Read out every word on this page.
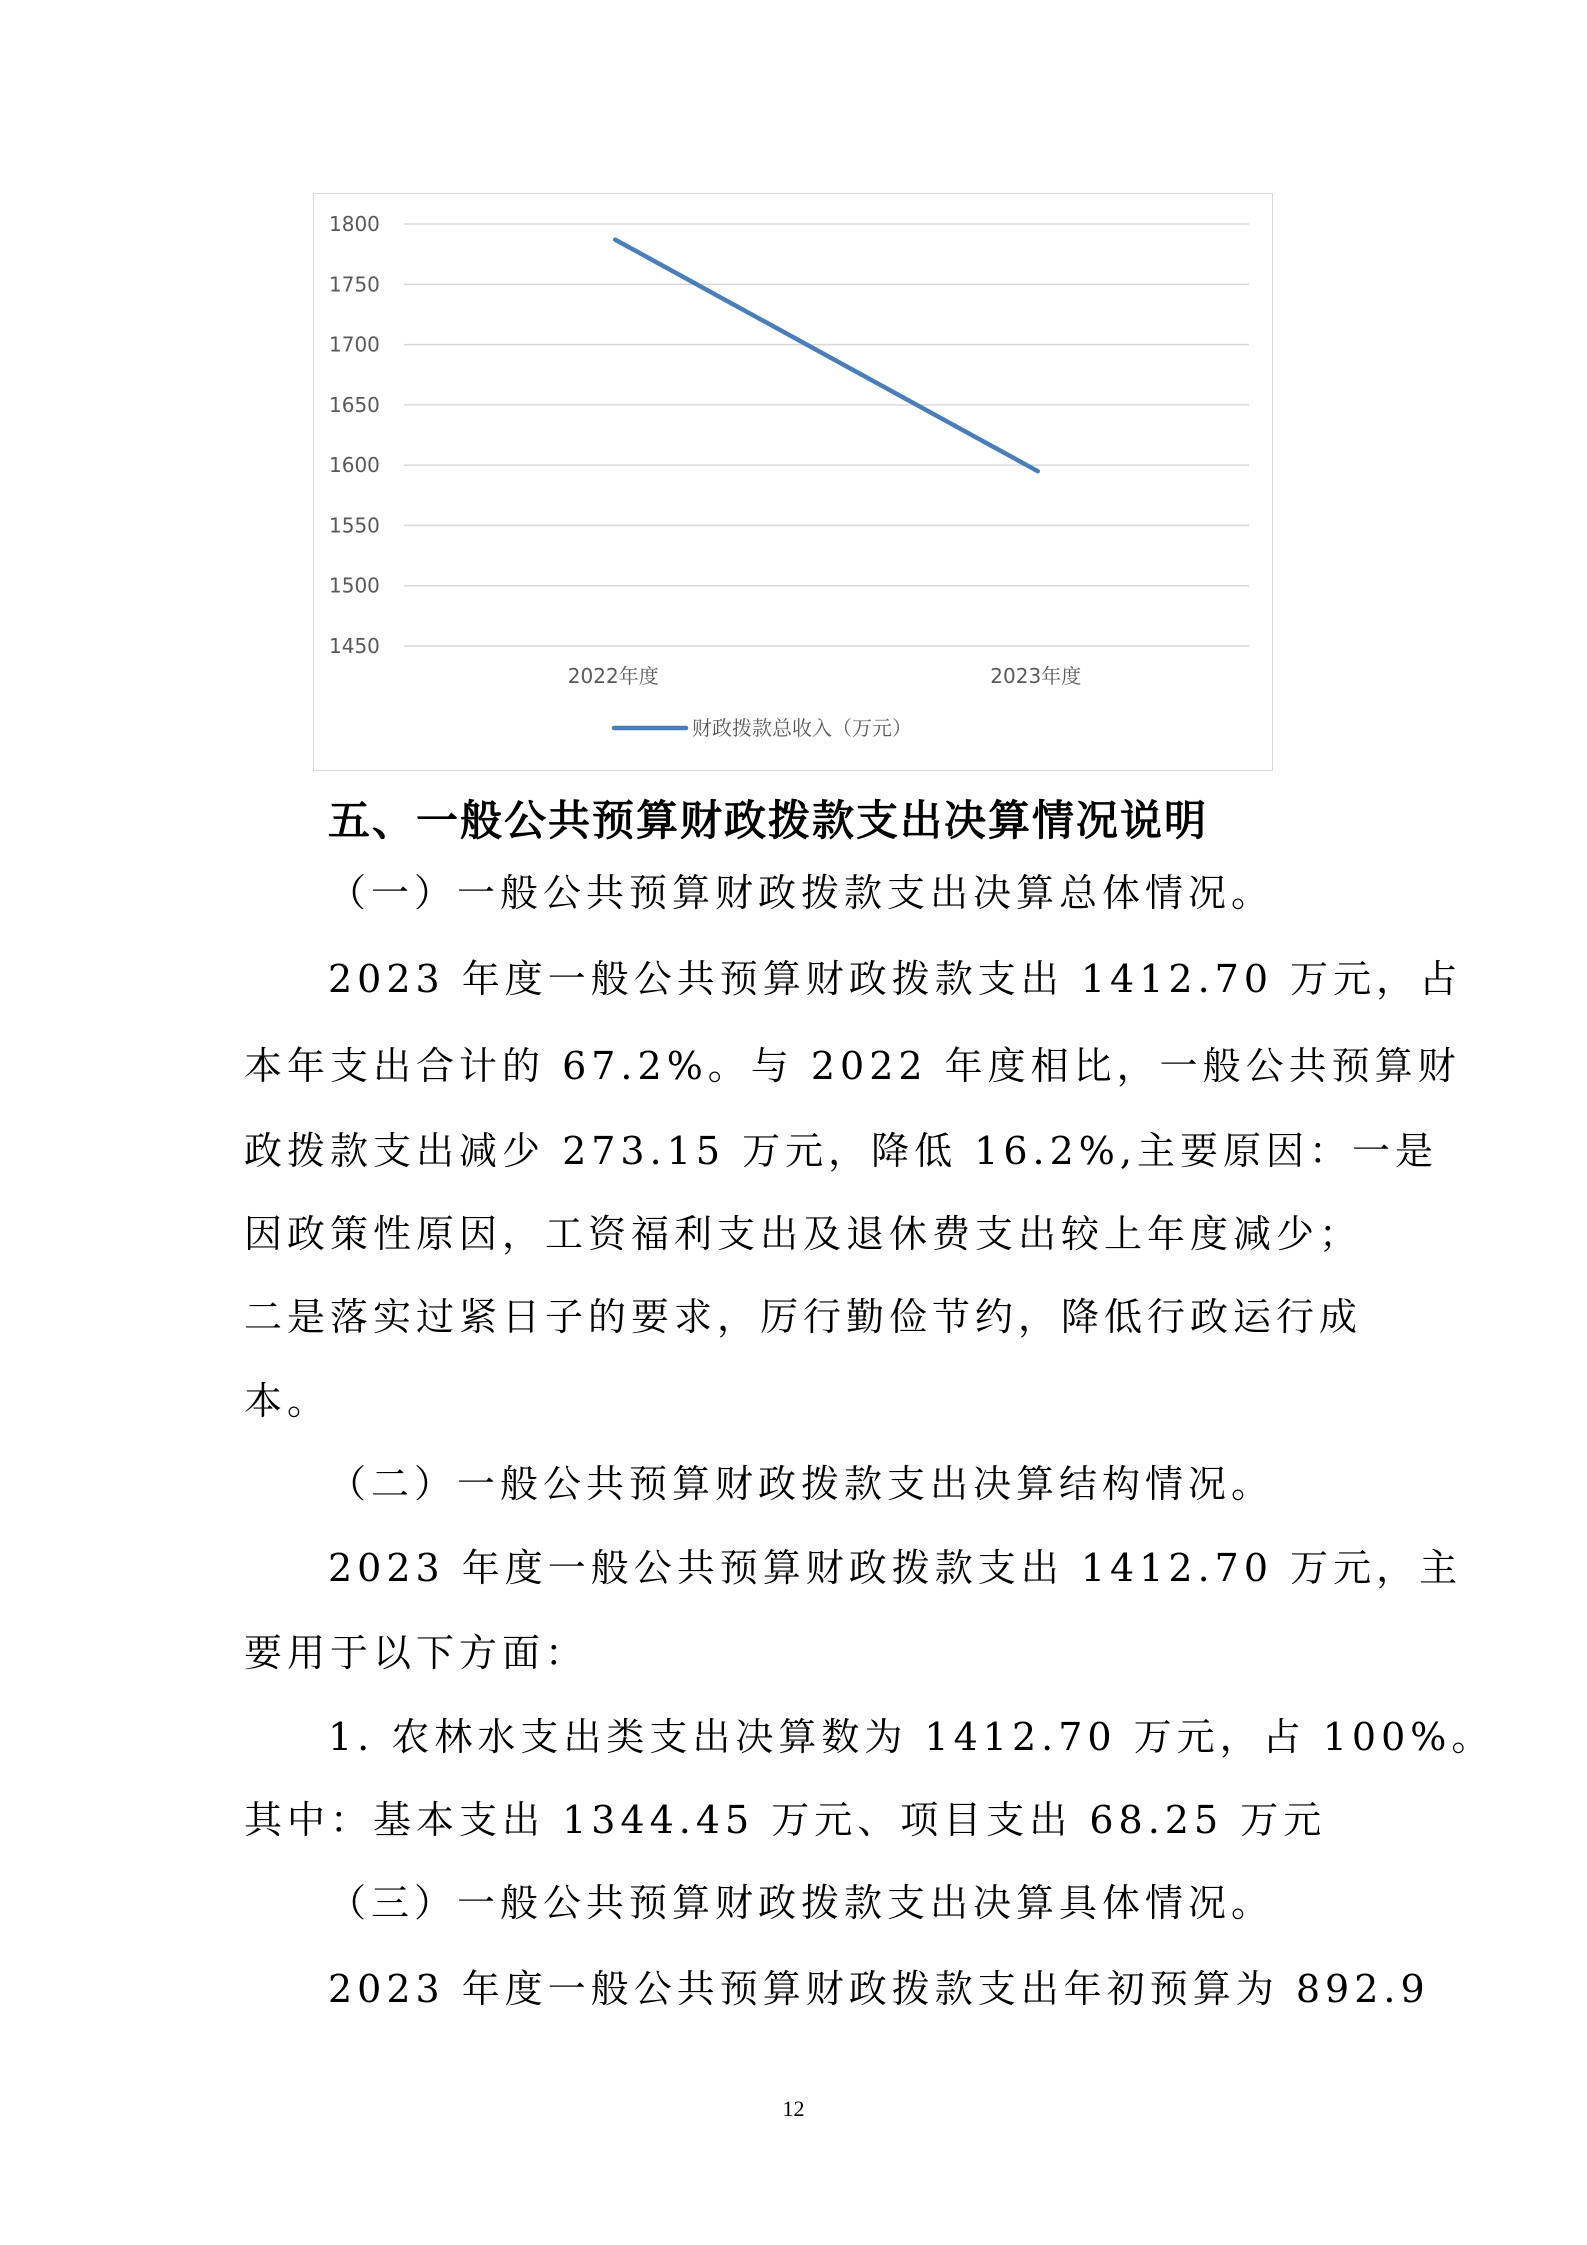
1800
1750
1700
1650
1600
1550
1500
1450
2022年度	2023年度
财政拨款总收入（万元）
五、一般公共预算财政拨款支出决算情况说明
（一）一般公共预算财政拨款支出决算总体情况。
2023 年度一般公共预算财政拨款支出 1412.70 万元，占
本年支出合计的 67.2%。与 2022 年度相比，一般公共预算财
政拨款支出减少 273.15 万元，降低 16.2%,主要原因：一是
因政策性原因，工资福利支出及退休费支出较上年度减少；
二是落实过紧日子的要求，厉行勤俭节约，降低行政运行成
本。
（二）一般公共预算财政拨款支出决算结构情况。
2023 年度一般公共预算财政拨款支出 1412.70 万元，主
要用于以下方面：
1. 农林水支出类支出决算数为 1412.70 万元，占 100%。
其中：基本支出 1344.45 万元、项目支出 68.25 万元
（三）一般公共预算财政拨款支出决算具体情况。
2023 年度一般公共预算财政拨款支出年初预算为 892.9
12
